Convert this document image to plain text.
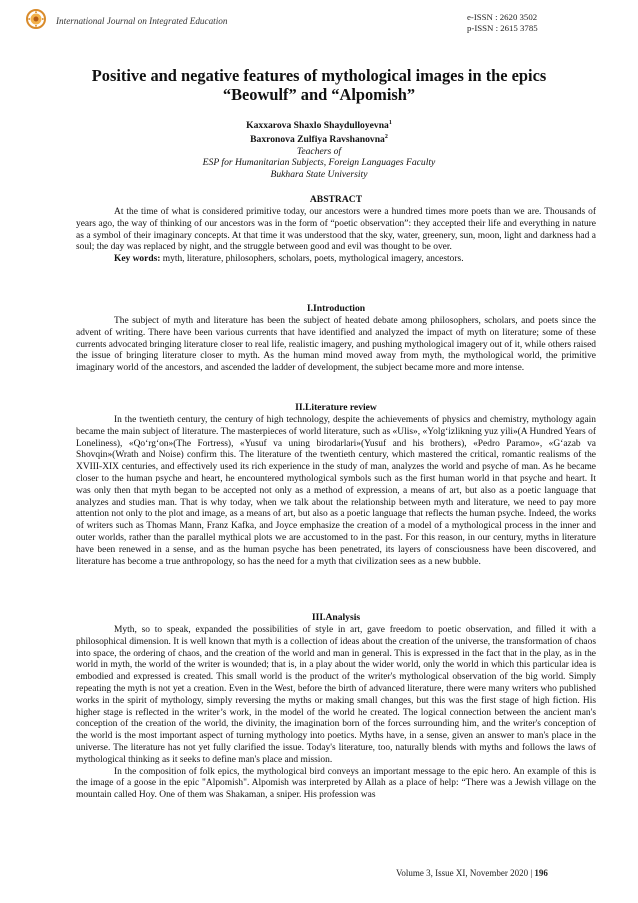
International Journal on Integrated Education	e-ISSN : 2620 3502
p-ISSN : 2615 3785
Positive and negative features of mythological images in the epics
“Beowulf” and “Alpomish”
Kaxxarova Shaxlo Shaydulloyevna$^1$
Baxronova Zulfiya Ravshanovna$^2$
Teachers of
ESP for Humanitarian Subjects, Foreign Languages Faculty
Bukhara State University
ABSTRACT

At the time of what is considered primitive today, our ancestors were a hundred times more poets than we are. Thousands of years ago, the way of thinking of our ancestors was in the form of “poetic observation”: they accepted their life and everything in nature as a symbol of their imaginary concepts. At that time it was understood that the sky, water, greenery, sun, moon, light and darkness had a soul; the day was replaced by night, and the struggle between good and evil was thought to be over.

Key words: myth, literature, philosophers, scholars, poets, mythological imagery, ancestors.

I.Introduction

The subject of myth and literature has been the subject of heated debate among philosophers, scholars, and poets since the advent of writing. There have been various currents that have identified and analyzed the impact of myth on literature; some of these currents advocated bringing literature closer to real life, realistic imagery, and pushing mythological imagery out of it, while others raised the issue of bringing literature closer to myth. As the human mind moved away from myth, the mythological world, the primitive imaginary world of the ancestors, and ascended the ladder of development, the subject became more and more intense.

II.Literature review

In the twentieth century, the century of high technology, despite the achievements of physics and chemistry, mythology again became the main subject of literature. The masterpieces of world literature, such as «Ulis», «Yolg‘izlikning yuz yili»(A Hundred Years of Loneliness), «Qo‘rg‘on»(The Fortress), «Yusuf va uning birodarlari»(Yusuf and his brothers), «Pedro Paramo», «G‘azab va Shovqin»(Wrath and Noise) confirm this. The literature of the twentieth century, which mastered the critical, romantic realisms of the XVIII-XIX centuries, and effectively used its rich experience in the study of man, analyzes the world and psyche of man. As he became closer to the human psyche and heart, he encountered mythological symbols such as the first human world in that psyche and heart. It was only then that myth began to be accepted not only as a method of expression, a means of art, but also as a poetic language that analyzes and studies man. That is why today, when we talk about the relationship between myth and literature, we need to pay more attention not only to the plot and image, as a means of art, but also as a poetic language that reflects the human psyche. Indeed, the works of writers such as Thomas Mann, Franz Kafka, and Joyce emphasize the creation of a model of a mythological process in the inner and outer worlds, rather than the parallel mythical plots we are accustomed to in the past. For this reason, in our century, myths in literature have been renewed in a sense, and as the human psyche has been penetrated, its layers of consciousness have been discovered, and literature has become a true anthropology, so has the need for a myth that civilization sees as a new bubble.

III.Analysis

Myth, so to speak, expanded the possibilities of style in art, gave freedom to poetic observation, and filled it with a philosophical dimension. It is well known that myth is a collection of ideas about the creation of the universe, the transformation of chaos into space, the ordering of chaos, and the creation of the world and man in general. This is expressed in the fact that in the play, as in the world in myth, the world of the writer is wounded; that is, in a play about the wider world, only the world in which this particular idea is embodied and expressed is created. This small world is the product of the writer's mythological observation of the big world. Simply repeating the myth is not yet a creation. Even in the West, before the birth of advanced literature, there were many writers who published works in the spirit of mythology, simply reversing the myths or making small changes, but this was the first stage of high fiction. His higher stage is reflected in the writer’s work, in the model of the world he created. The logical connection between the ancient man's conception of the creation of the world, the divinity, the imagination born of the forces surrounding him, and the writer's conception of the world is the most important aspect of turning mythology into poetics. Myths have, in a sense, given an answer to man's place in the universe. The literature has not yet fully clarified the issue. Today's literature, too, naturally blends with myths and follows the laws of mythological thinking as it seeks to define man's place and mission.

In the composition of folk epics, the mythological bird conveys an important message to the epic hero. An example of this is the image of a goose in the epic "Alpomish". Alpomish was interpreted by Allah as a place of help: “There was a Jewish village on the mountain called Hoy. One of them was Shakaman, a sniper. His profession was

Volume 3, Issue XI, November 2020 | 196
